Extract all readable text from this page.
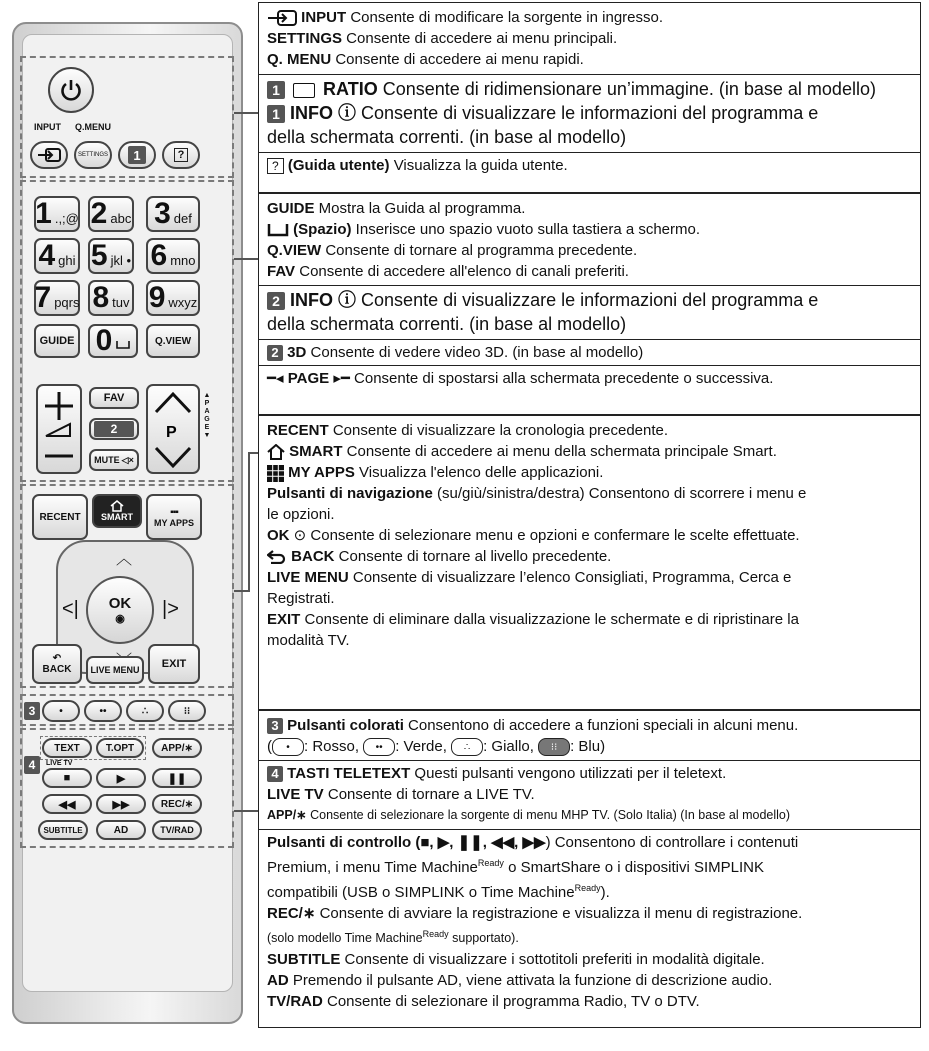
INPUT Q.MENU
SETTINGS	1	?
1 .,;@ 2 abc 3 def
4 ghi 5 jkl • 6 mno
7 pqrs 8 tuv 9 wxyz
GUIDE 0	Q.VIEW
FAV
2
MUTE ◁×
P
▲
PAGE
▼
RECENT SMART	▪▪▪
MY APPS
︿
<|	|>
OK
◉
↶
BACK LIVE MENU EXIT
3	•	••	∴	⁝⁝
4
TEXT	T.OPT	APP/∗
LIVE TV
■	▶	❚❚
◀◀	▶▶	REC/∗
SUBTITLE	AD	TV/RAD

INPUT Consente di modificare la sorgente in ingresso.

SETTINGS Consente di accedere ai menu principali.

Q. MENU Consente di accedere ai menu rapidi.

1 RATIO Consente di ridimensionare un’immagine. (in base al modello)

1 INFO ⓘ Consente di visualizzare le informazioni del programma e

della schermata correnti. (in base al modello)

? (Guida utente) Visualizza la guida utente.

GUIDE Mostra la Guida al programma.

(Spazio) Inserisce uno spazio vuoto sulla tastiera a schermo.

Q.VIEW Consente di tornare al programma precedente.

FAV Consente di accedere all'elenco di canali preferiti.

2 INFO ⓘ Consente di visualizzare le informazioni del programma e

della schermata correnti. (in base al modello)

2 3D Consente di vedere video 3D. (in base al modello)

━◂ PAGE ▸━ Consente di spostarsi alla schermata precedente o successiva.

RECENT Consente di visualizzare la cronologia precedente.

SMART Consente di accedere ai menu della schermata principale Smart.

MY APPS Visualizza l'elenco delle applicazioni.

Pulsanti di navigazione (su/giù/sinistra/destra) Consentono di scorrere i menu e

le opzioni.

OK ⊙ Consente di selezionare menu e opzioni e confermare le scelte effettuate.

BACK Consente di tornare al livello precedente.

LIVE MENU Consente di visualizzare l’elenco Consigliati, Programma, Cerca e

Registrati.

EXIT Consente di eliminare dalla visualizzazione le schermate e di ripristinare la

modalità TV.

3 Pulsanti colorati Consentono di accedere a funzioni speciali in alcuni menu.

( • : Rosso, •• : Verde, ∴ : Giallo, ⁝⁝ : Blu)

4 TASTI TELETEXT Questi pulsanti vengono utilizzati per il teletext.

LIVE TV Consente di tornare a LIVE TV.

APP/∗ Consente di selezionare la sorgente di menu MHP TV. (Solo Italia) (In base al modello)

Pulsanti di controllo (■, ▶, ❚❚, ◀◀, ▶▶) Consentono di controllare i contenuti

Premium, i menu Time Machine$^{Ready}$ o SmartShare o i dispositivi SIMPLINK

compatibili (USB o SIMPLINK o Time Machine$^{Ready}$).

REC/∗ Consente di avviare la registrazione e visualizza il menu di registrazione.

(solo modello Time Machine$^{Ready}$ supportato).

SUBTITLE Consente di visualizzare i sottotitoli preferiti in modalità digitale.

AD Premendo il pulsante AD, viene attivata la funzione di descrizione audio.

TV/RAD Consente di selezionare il programma Radio, TV o DTV.
